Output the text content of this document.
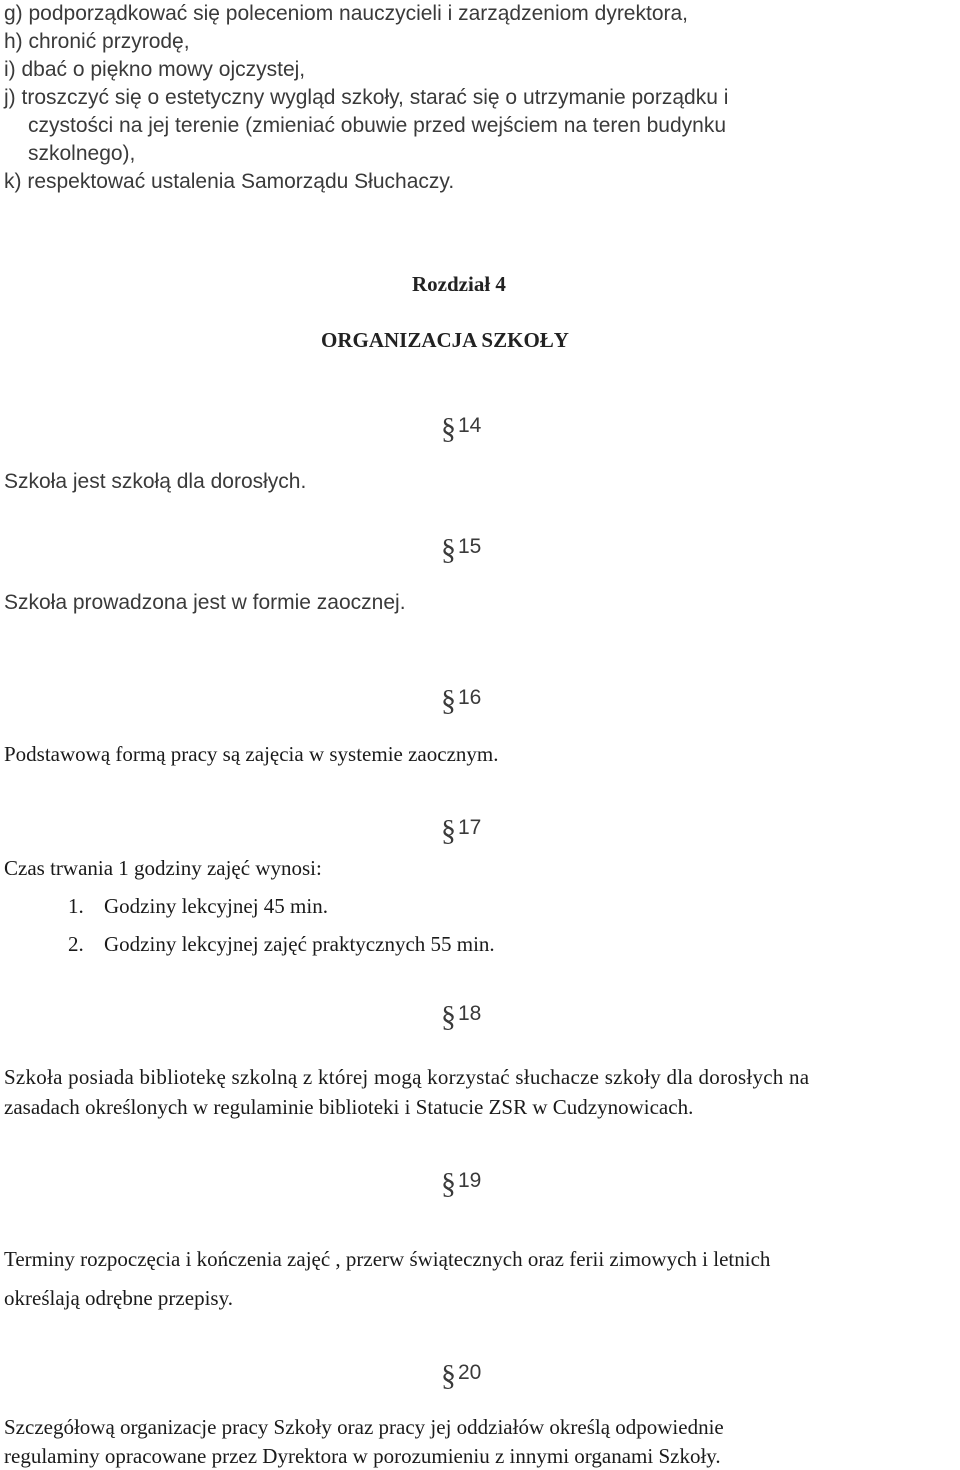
g) podporządkować się poleceniom nauczycieli i zarządzeniom dyrektora,
h) chronić przyrodę,
i) dbać o piękno mowy ojczystej,
j) troszczyć się o estetyczny wygląd szkoły, starać się o utrzymanie porządku i
czystości na jej terenie (zmieniać obuwie przed wejściem na teren budynku
szkolnego),
k) respektować ustalenia Samorządu Słuchaczy.
Rozdział 4
ORGANIZACJA SZKOŁY
§ 14
Szkoła jest szkołą dla dorosłych.
§ 15
Szkoła prowadzona jest w formie zaocznej.
§ 16
Podstawową formą pracy są zajęcia w systemie zaocznym.
§ 17
Czas trwania 1 godziny zajęć wynosi:
1. Godziny lekcyjnej 45 min.
2. Godziny lekcyjnej zajęć praktycznych 55 min.
§ 18
Szkoła posiada bibliotekę szkolną z której mogą korzystać słuchacze szkoły dla dorosłych na
zasadach określonych w regulaminie biblioteki i Statucie ZSR w Cudzynowicach.
§ 19
Terminy rozpoczęcia i kończenia zajęć , przerw świątecznych oraz ferii zimowych i letnich
określają odrębne przepisy.
§ 20
Szczegółową organizacje pracy Szkoły oraz pracy jej oddziałów określą odpowiednie
regulaminy opracowane przez Dyrektora w porozumieniu z innymi organami Szkoły.
